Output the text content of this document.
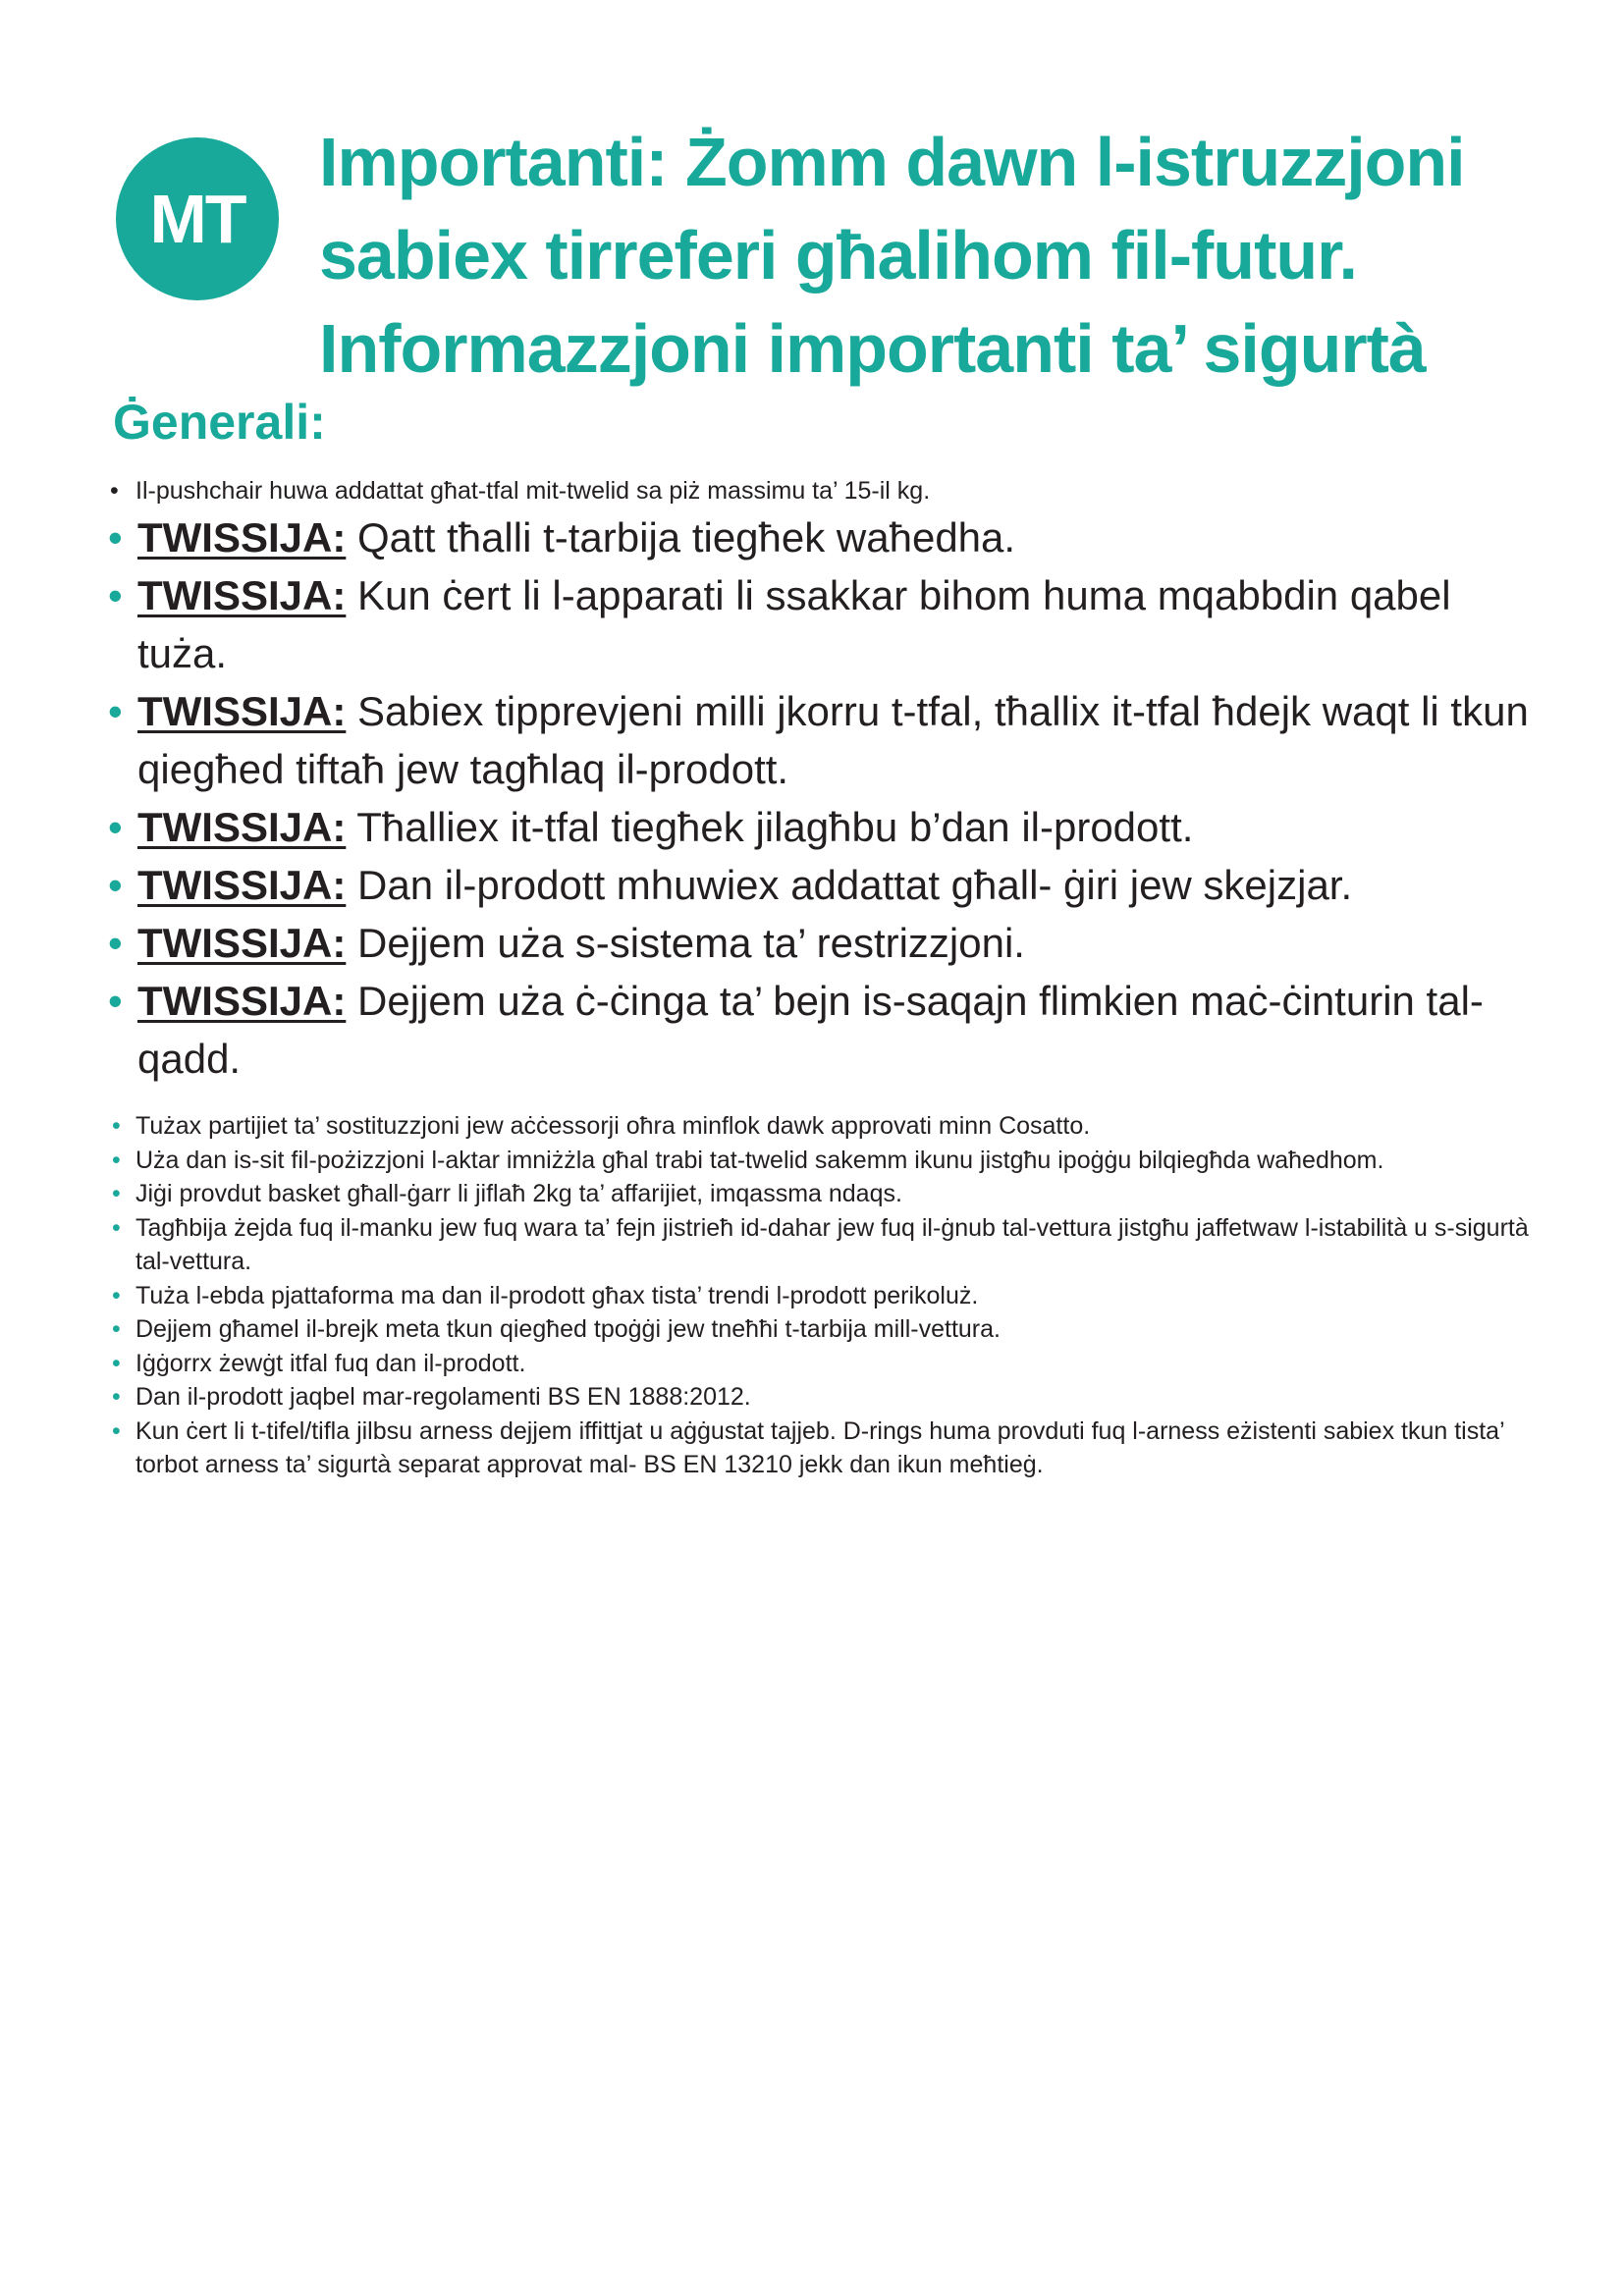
MT
Importanti: Żomm dawn l-istruzzjoni
sabiex tirreferi għalihom fil-futur.
Informazzjoni importanti ta’ sigurtà
Ġenerali:
• Il-pushchair huwa addattat għat-tfal mit-twelid sa piż massimu ta’ 15-il kg.
• TWISSIJA: Qatt tħalli t-tarbija tiegħek waħedha.
• TWISSIJA: Kun ċert li l-apparati li ssakkar bihom huma mqabbdin qabel tuża.
• TWISSIJA: Sabiex tipprevjeni milli jkorru t-tfal, tħallix it-tfal ħdejk waqt li tkun qiegħed tiftaħ jew tagħlaq il-prodott.
• TWISSIJA: Tħalliex it-tfal tiegħek jilagħbu b’dan il-prodott.
• TWISSIJA: Dan il-prodott mhuwiex addattat għall- ġiri jew skejzjar.
• TWISSIJA: Dejjem uża s-sistema ta’ restrizzjoni.
• TWISSIJA: Dejjem uża ċ-ċinga ta’ bejn is-saqajn flimkien maċ-ċinturin tal-qadd.
• Tużax partijiet ta’ sostituzzjoni jew aċċessorji oħra minflok dawk approvati minn Cosatto.
• Uża dan is-sit fil-pożizzjoni l-aktar imniżżla għal trabi tat-twelid sakemm ikunu jistgħu ipoġġu bilqiegħda waħedhom.
• Jiġi provdut basket għall-ġarr li jiflaħ 2kg ta’ affarijiet, imqassma ndaqs.
• Tagħbija żejda fuq il-manku jew fuq wara ta’ fejn jistrieħ id-dahar jew fuq il-ġnub tal-vettura jistgħu jaffetwaw l-istabilità u s-sigurtà tal-vettura.
• Tuża l-ebda pjattaforma ma dan il-prodott għax tista’ trendi l-prodott perikoluż.
• Dejjem għamel il-brejk meta tkun qiegħed tpoġġi jew tneħħi t-tarbija mill-vettura.
• Iġġorrx żewġt itfal fuq dan il-prodott.
• Dan il-prodott jaqbel mar-regolamenti BS EN 1888:2012.
• Kun ċert li t-tifel/tifla jilbsu arness dejjem iffittjat u aġġustat tajjeb. D-rings huma provduti fuq l-arness eżistenti sabiex tkun tista’ torbot arness ta’ sigurtà separat approvat mal- BS EN 13210 jekk dan ikun meħtieġ.
